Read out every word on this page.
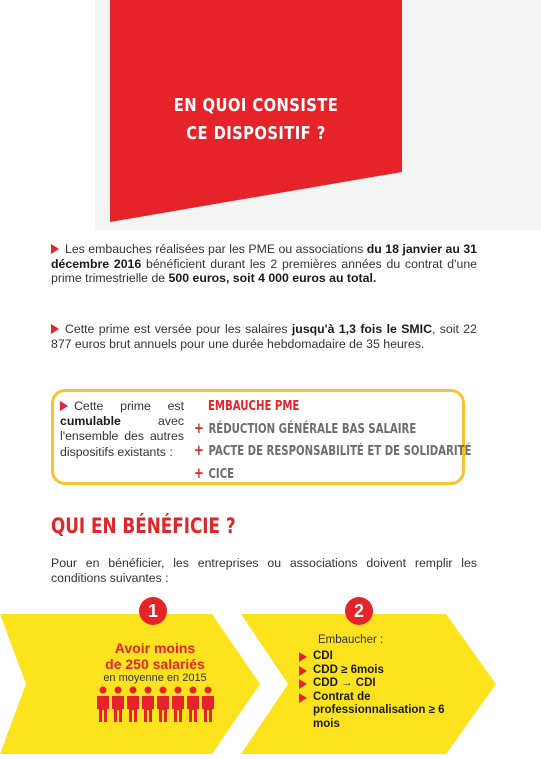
EN QUOI CONSISTE
CE DISPOSITIF ?
Les embauches réalisées par les PME ou associations du 18 janvier au 31 décembre 2016 bénéficient durant les 2 premières années du contrat d'une prime trimestrielle de 500 euros, soit 4 000 euros au total.
Cette prime est versée pour les salaires jusqu'à 1,3 fois le SMIC, soit 22 877 euros brut annuels pour une durée hebdomadaire de 35 heures.
Cette prime est cumulable avec l'ensemble des autres dispositifs existants :
EMBAUCHE PME
+ RÉDUCTION GÉNÉRALE BAS SALAIRE
+ PACTE DE RESPONSABILITÉ ET DE SOLIDARITÉ
+ CICE
QUI EN BÉNÉFICIE ?
Pour en bénéficier, les entreprises ou associations doivent remplir les conditions suivantes :
1	2
Avoir moins
de 250 salariés
en moyenne en 2015
Embaucher :
CDI
CDD ≥ 6mois
CDD → CDI
Contrat de professionnalisation ≥ 6 mois
